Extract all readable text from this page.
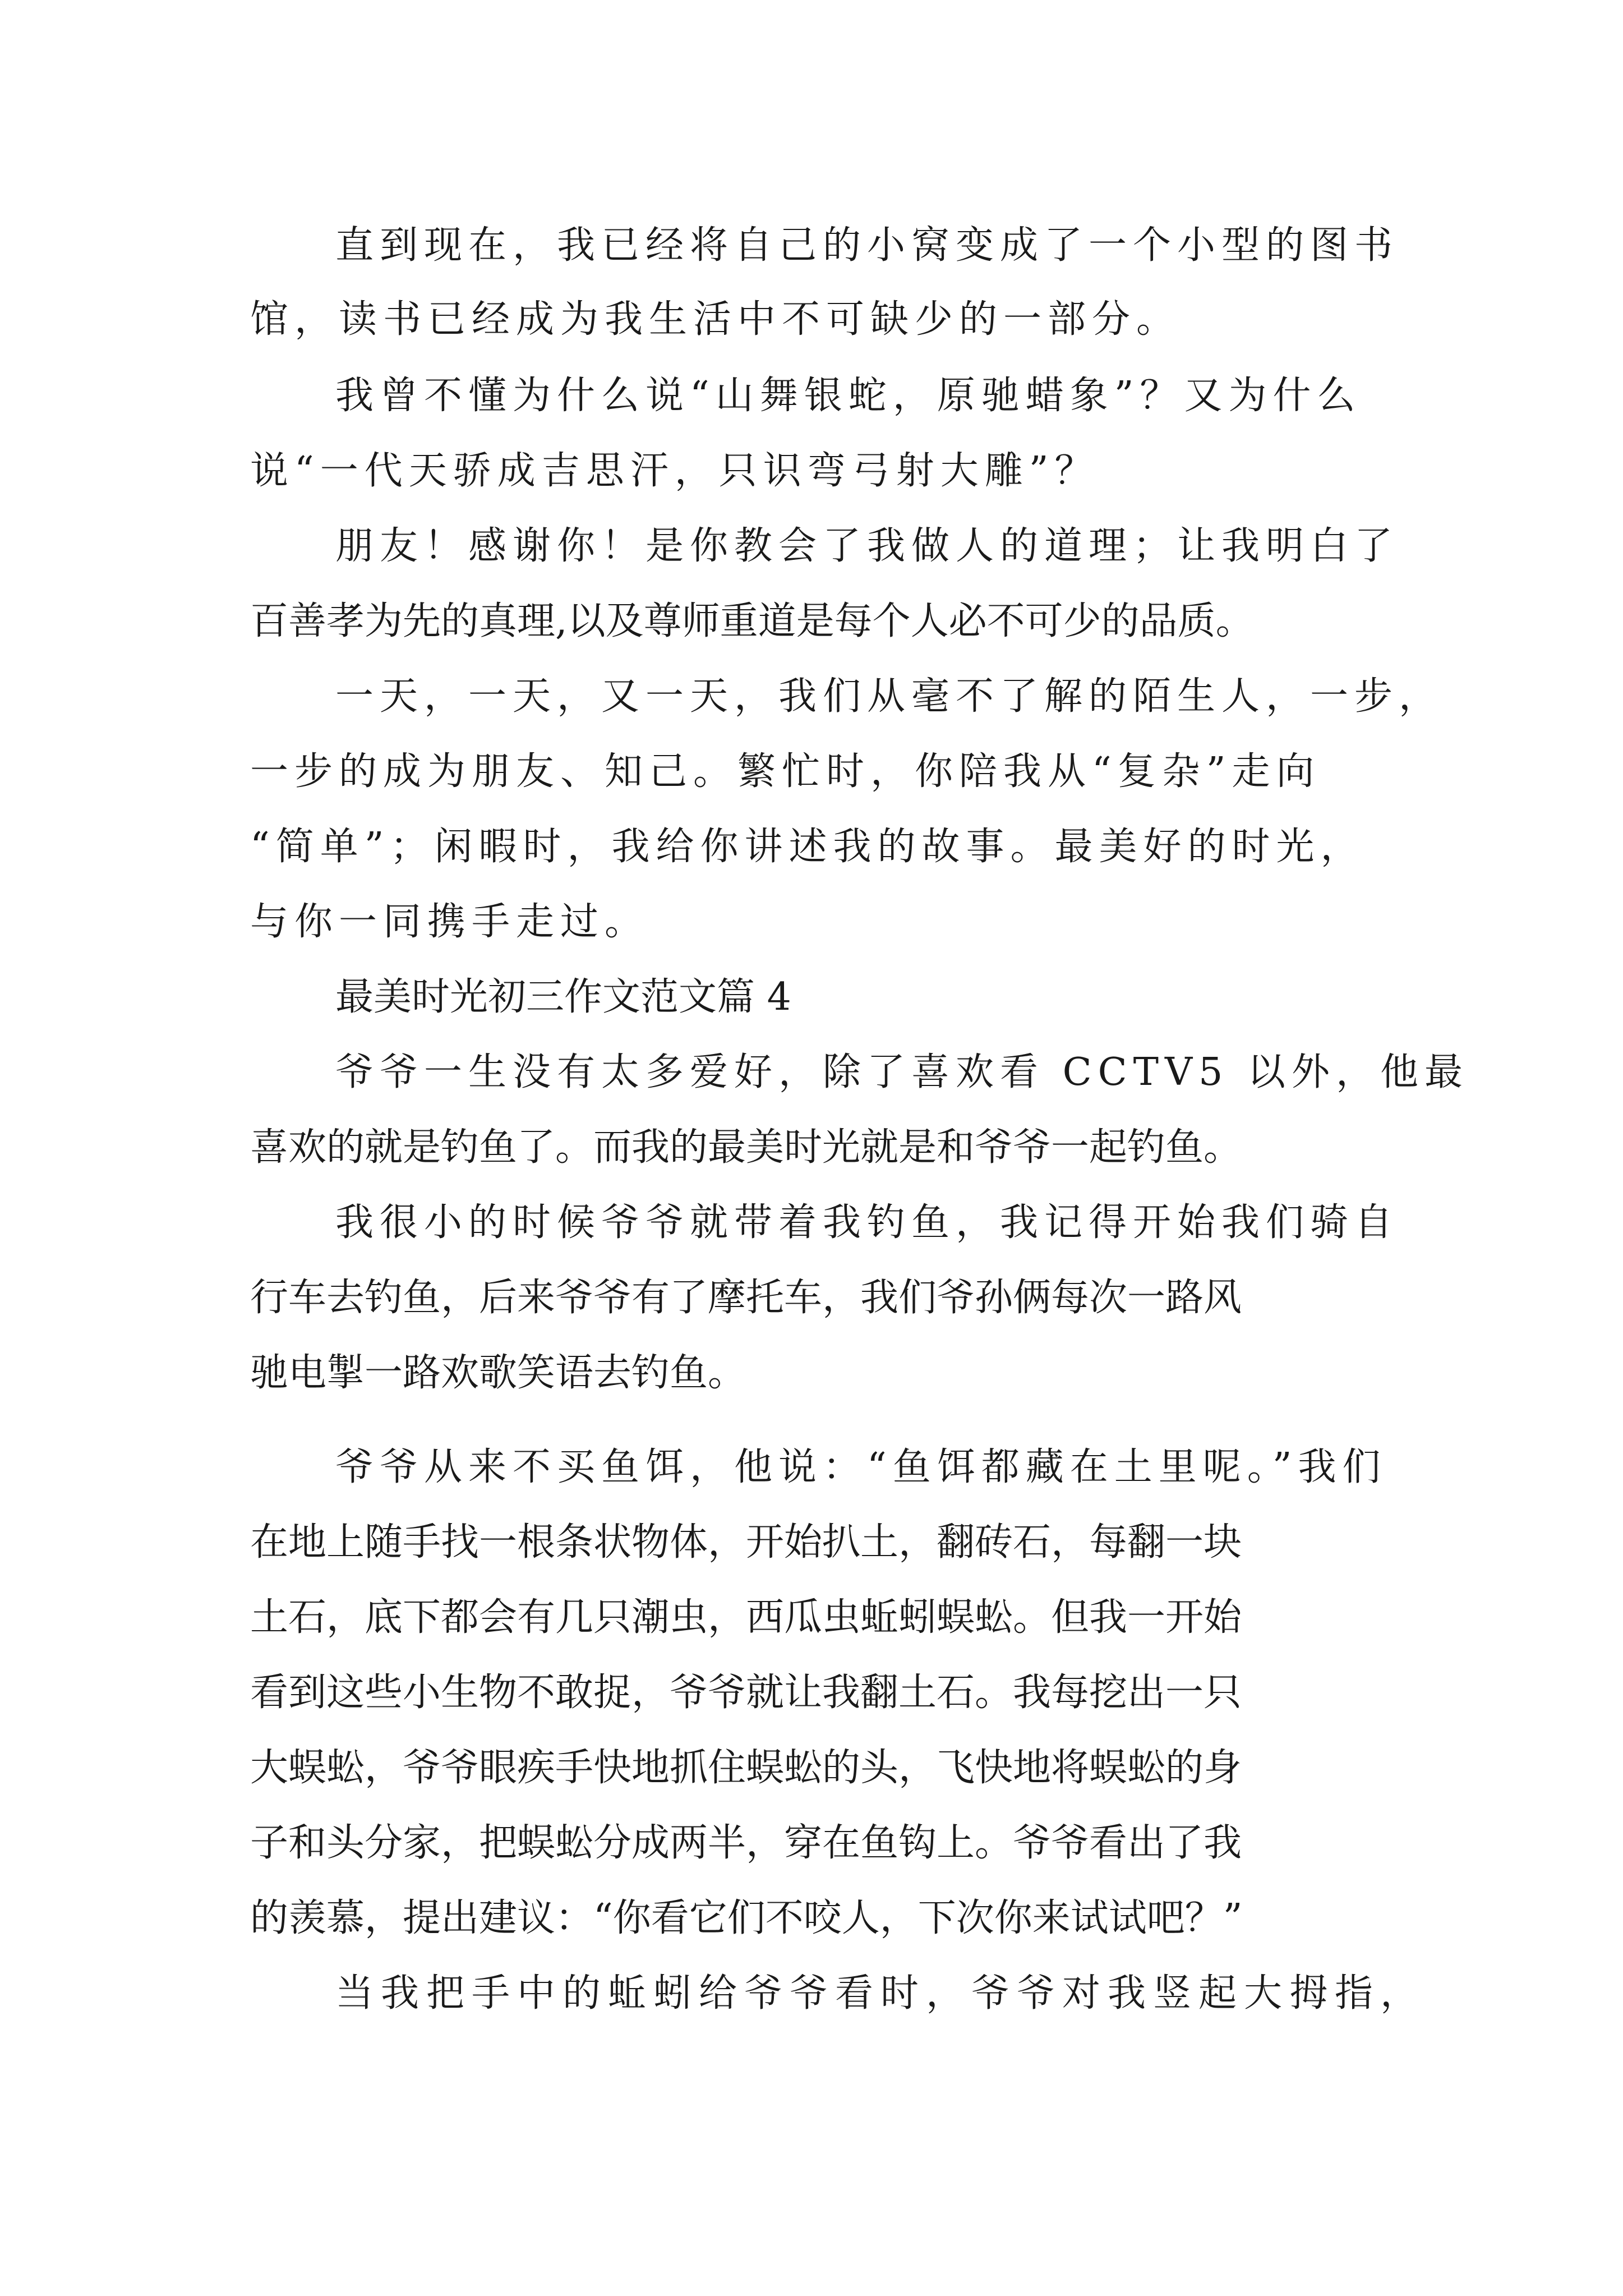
直到现在，我已经将自己的小窝变成了一个小型的图书

馆，读书已经成为我生活中不可缺少的一部分。

我曾不懂为什么说“山舞银蛇，原驰蜡象”？又为什么

说“一代天骄成吉思汗，只识弯弓射大雕”？

朋友！感谢你！是你教会了我做人的道理；让我明白了

百善孝为先的真理,以及尊师重道是每个人必不可少的品质。

一天，一天，又一天，我们从毫不了解的陌生人，一步，

一步的成为朋友、知己。繁忙时，你陪我从“复杂”走向

“简单”；闲暇时，我给你讲述我的故事。最美好的时光，

与你一同携手走过。

最美时光初三作文范文篇 4

爷爷一生没有太多爱好，除了喜欢看 CCTV5 以外，他最

喜欢的就是钓鱼了。而我的最美时光就是和爷爷一起钓鱼。

我很小的时候爷爷就带着我钓鱼，我记得开始我们骑自

行车去钓鱼，后来爷爷有了摩托车，我们爷孙俩每次一路风

驰电掣一路欢歌笑语去钓鱼。

爷爷从来不买鱼饵，他说：“鱼饵都藏在土里呢。”我们

在地上随手找一根条状物体，开始扒土，翻砖石，每翻一块

土石，底下都会有几只潮虫，西瓜虫蚯蚓蜈蚣。但我一开始

看到这些小生物不敢捉，爷爷就让我翻土石。我每挖出一只

大蜈蚣，爷爷眼疾手快地抓住蜈蚣的头，飞快地将蜈蚣的身

子和头分家，把蜈蚣分成两半，穿在鱼钩上。爷爷看出了我

的羡慕，提出建议：“你看它们不咬人，下次你来试试吧？”

当我把手中的蚯蚓给爷爷看时，爷爷对我竖起大拇指，
